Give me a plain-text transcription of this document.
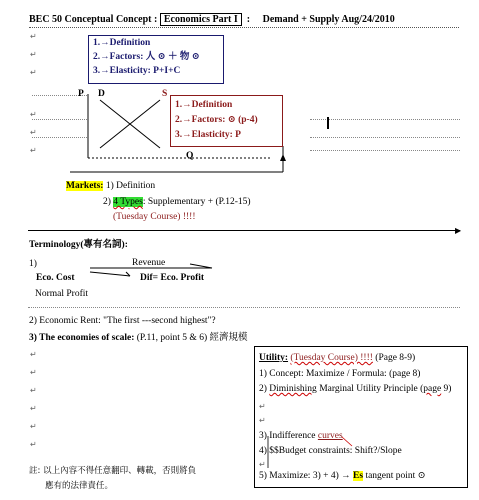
BEC 50 Conceptual Concept : Economics Part I  :     Demand + Supply Aug/24/2010
1.→Definition
2.→Factors: 人 ⊙ ＋ 物 ⊙
3.→Elasticity: P+I+C
↵
↵
↵
↵
↵
↵
P D	S
Q
1.→Definition
2.→Factors: ⊙ (p-4)
3.→Elasticity: P
Markets: 1) Definition
2) 4 Types: Supplementary + (P.12-15)
(Tuesday Course) !!!!
▶
Terminology(專有名詞):
1)	Revenue
Eco. Cost	Dif= Eco. Profit
Normal Profit
2) Economic Rent: "The first ---second highest"?
3) The economies of scale: (P.11, point 5 & 6) 經濟規模
↵
↵
↵
↵
↵
↵
Utility: (Tuesday Course) !!!! (Page 8-9)
1) Concept: Maximize / Formula: (page 8)
2) Diminishing Marginal Utility Principle (page 9)
↵
↵
3) Indifference curves
4) $$Budget constraints: Shift?/Slope
↵
5) Maximize: 3) + 4) → Es tangent point ⊙
註: 以上內容不得任意翻印、轉載，否則將負
應有的法律責任。
